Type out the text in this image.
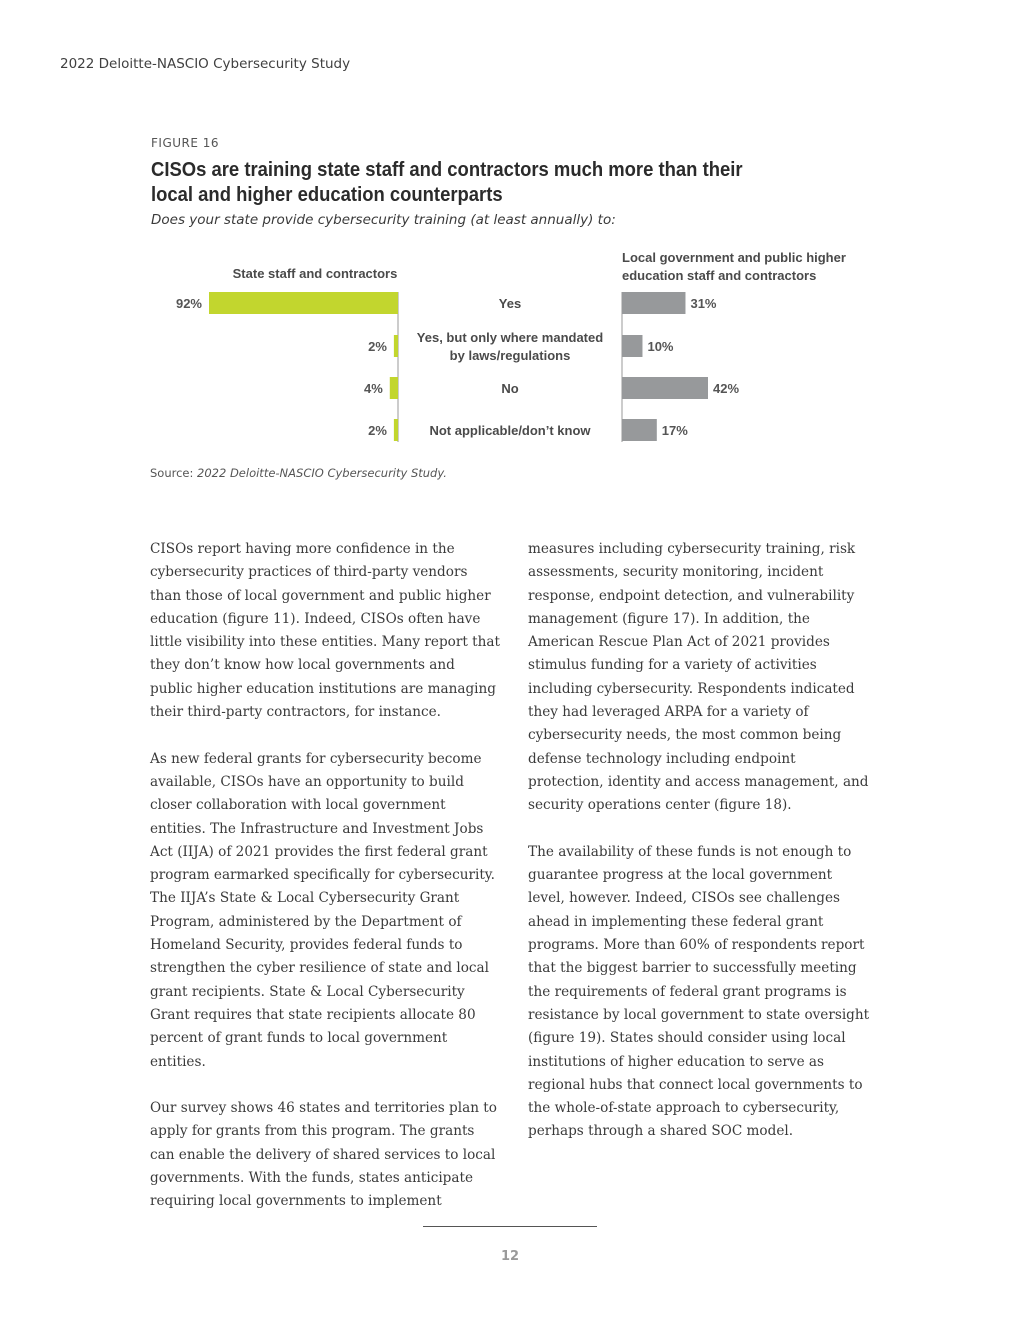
2022 Deloitte-NASCIO Cybersecurity Study
FIGURE 16
CISOs are training state staff and contractors much more than their local and higher education counterparts
Does your state provide cybersecurity training (at least annually) to:
State staff and contractors
Local government and public higher
education staff and contractors
Yes
92%	31%
Yes, but only where mandated
by laws/regulations
2%	10%
No
4%	42%
Not applicable/don’t know
2%	17%
Source: 2022 Deloitte-NASCIO Cybersecurity Study.

CISOs report having more confidence in the cybersecurity practices of third-party vendors than those of local government and public higher education (figure 11). Indeed, CISOs often have little visibility into these entities. Many report that they don’t know how local governments and public higher education institutions are managing their third-party contractors, for instance.

As new federal grants for cybersecurity become available, CISOs have an opportunity to build closer collaboration with local government entities. The Infrastructure and Investment Jobs Act (IIJA) of 2021 provides the first federal grant program earmarked specifically for cybersecurity. The IIJA’s State & Local Cybersecurity Grant Program, administered by the Department of Homeland Security, provides federal funds to strengthen the cyber resilience of state and local grant recipients. State & Local Cybersecurity Grant requires that state recipients allocate 80 percent of grant funds to local government entities.

Our survey shows 46 states and territories plan to apply for grants from this program. The grants can enable the delivery of shared services to local governments. With the funds, states anticipate requiring local governments to implement

measures including cybersecurity training, risk assessments, security monitoring, incident response, endpoint detection, and vulnerability management (figure 17). In addition, the American Rescue Plan Act of 2021 provides stimulus funding for a variety of activities including cybersecurity. Respondents indicated they had leveraged ARPA for a variety of cybersecurity needs, the most common being defense technology including endpoint protection, identity and access management, and security operations center (figure 18).

The availability of these funds is not enough to guarantee progress at the local government level, however. Indeed, CISOs see challenges ahead in implementing these federal grant programs. More than 60% of respondents report that the biggest barrier to successfully meeting the requirements of federal grant programs is resistance by local government to state oversight (figure 19). States should consider using local institutions of higher education to serve as regional hubs that connect local governments to the whole-of-state approach to cybersecurity, perhaps through a shared SOC model.

12
